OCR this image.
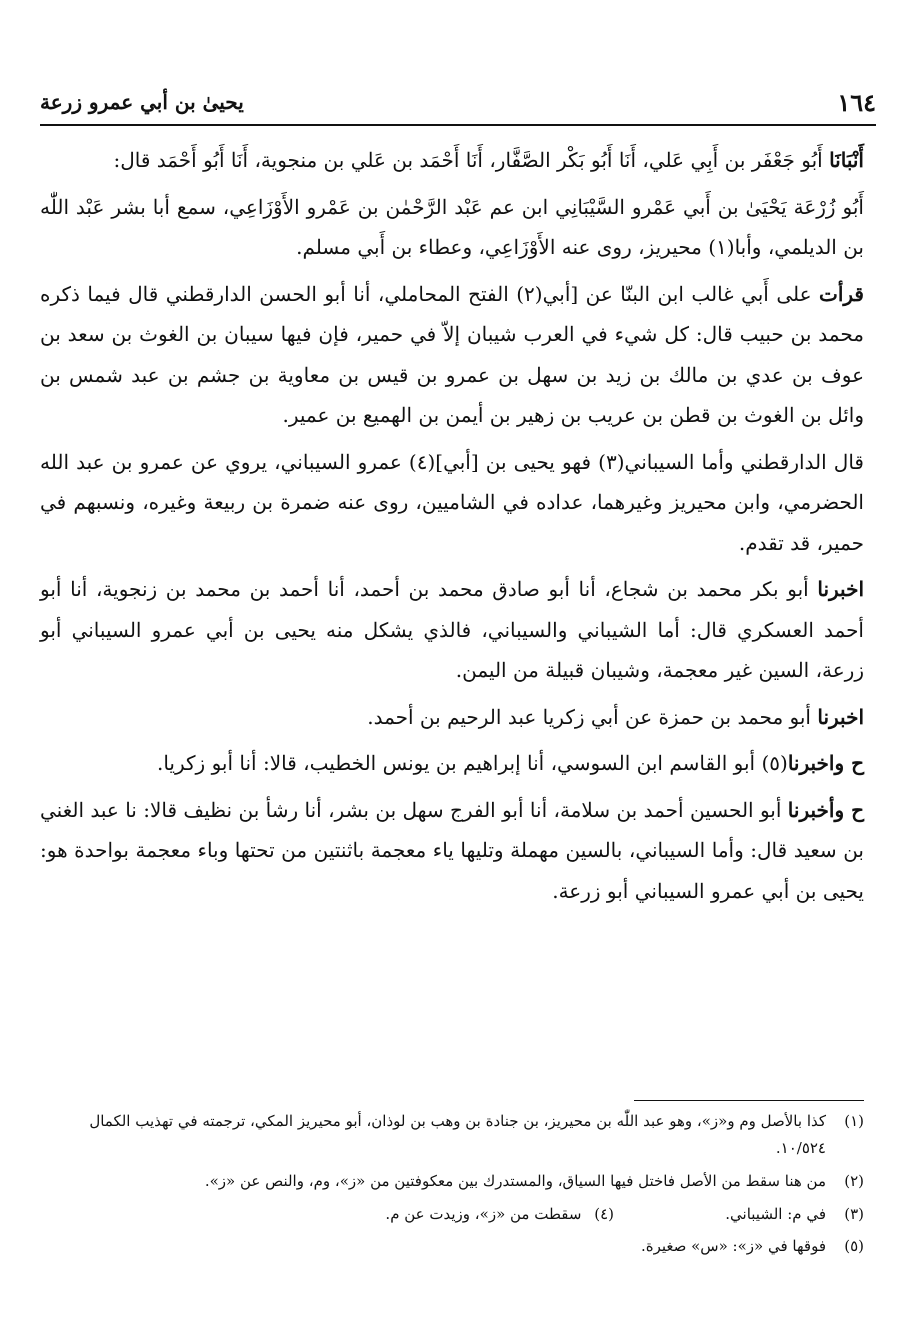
١٦٤
يحيىٰ بن أبي عمرو زرعة

أَنْبَانَا أَبُو جَعْفَر بن أَبِي عَلي، أَنَا أَبُو بَكْر الصَّفَّار، أَنَا أَحْمَد بن عَلي بن منجوية، أَنَا أَبُو أَحْمَد قال:

أَبُو زُرْعَة يَحْيَىٰ بن أَبي عَمْرو السَّيْبَانِي ابن عم عَبْد الرَّحْمٰن بن عَمْرو الأَوْزَاعِي، سمع أبا بشر عَبْد اللّٰه بن الديلمي، وأبا(١) محيريز، روى عنه الأَوْزَاعِي، وعطاء بن أَبي مسلم.

قرأت على أَبي غالب ابن البنّا عن [أبي(٢) الفتح المحاملي، أنا أبو الحسن الدارقطني قال فيما ذكره محمد بن حبيب قال: كل شيء في العرب شيبان إلاّ في حمير، فإن فيها سيبان بن الغوث بن سعد بن عوف بن عدي بن مالك بن زيد بن سهل بن عمرو بن قيس بن معاوية بن جشم بن عبد شمس بن وائل بن الغوث بن قطن بن عريب بن زهير بن أيمن بن الهميع بن عمير.

قال الدارقطني وأما السيباني(٣) فهو يحيى بن [أبي](٤) عمرو السيباني، يروي عن عمرو بن عبد الله الحضرمي، وابن محيريز وغيرهما، عداده في الشاميين، روى عنه ضمرة بن ربيعة وغيره، ونسبهم في حمير، قد تقدم.

اخبرنا أبو بكر محمد بن شجاع، أنا أبو صادق محمد بن أحمد، أنا أحمد بن محمد بن زنجوية، أنا أبو أحمد العسكري قال: أما الشيباني والسيباني، فالذي يشكل منه يحيى بن أبي عمرو السيباني أبو زرعة، السين غير معجمة، وشيبان قبيلة من اليمن.

اخبرنا أبو محمد بن حمزة عن أبي زكريا عبد الرحيم بن أحمد.

ح واخبرنا(٥) أبو القاسم ابن السوسي، أنا إبراهيم بن يونس الخطيب، قالا: أنا أبو زكريا.

ح وأخبرنا أبو الحسين أحمد بن سلامة، أنا أبو الفرج سهل بن بشر، أنا رشأ بن نظيف قالا: نا عبد الغني بن سعيد قال: وأما السيباني، بالسين مهملة وتليها ياء معجمة باثنتين من تحتها وباء معجمة بواحدة هو: يحيى بن أبي عمرو السيباني أبو زرعة.

(١)
كذا بالأصل وم و«ز»، وهو عبد اللّٰه بن محيريز، بن جنادة بن وهب بن لوذان، أبو محيريز المكي، ترجمته في تهذيب الكمال ١٠/٥٢٤.

(٢)
من هنا سقط من الأصل فاختل فيها السياق، والمستدرك بين معكوفتين من «ز»، وم، والنص عن «ز».

(٣)
في م: الشيباني.
(٤) سقطت من «ز»، وزيدت عن م.

(٥)
فوقها في «ز»: «س» صغيرة.
